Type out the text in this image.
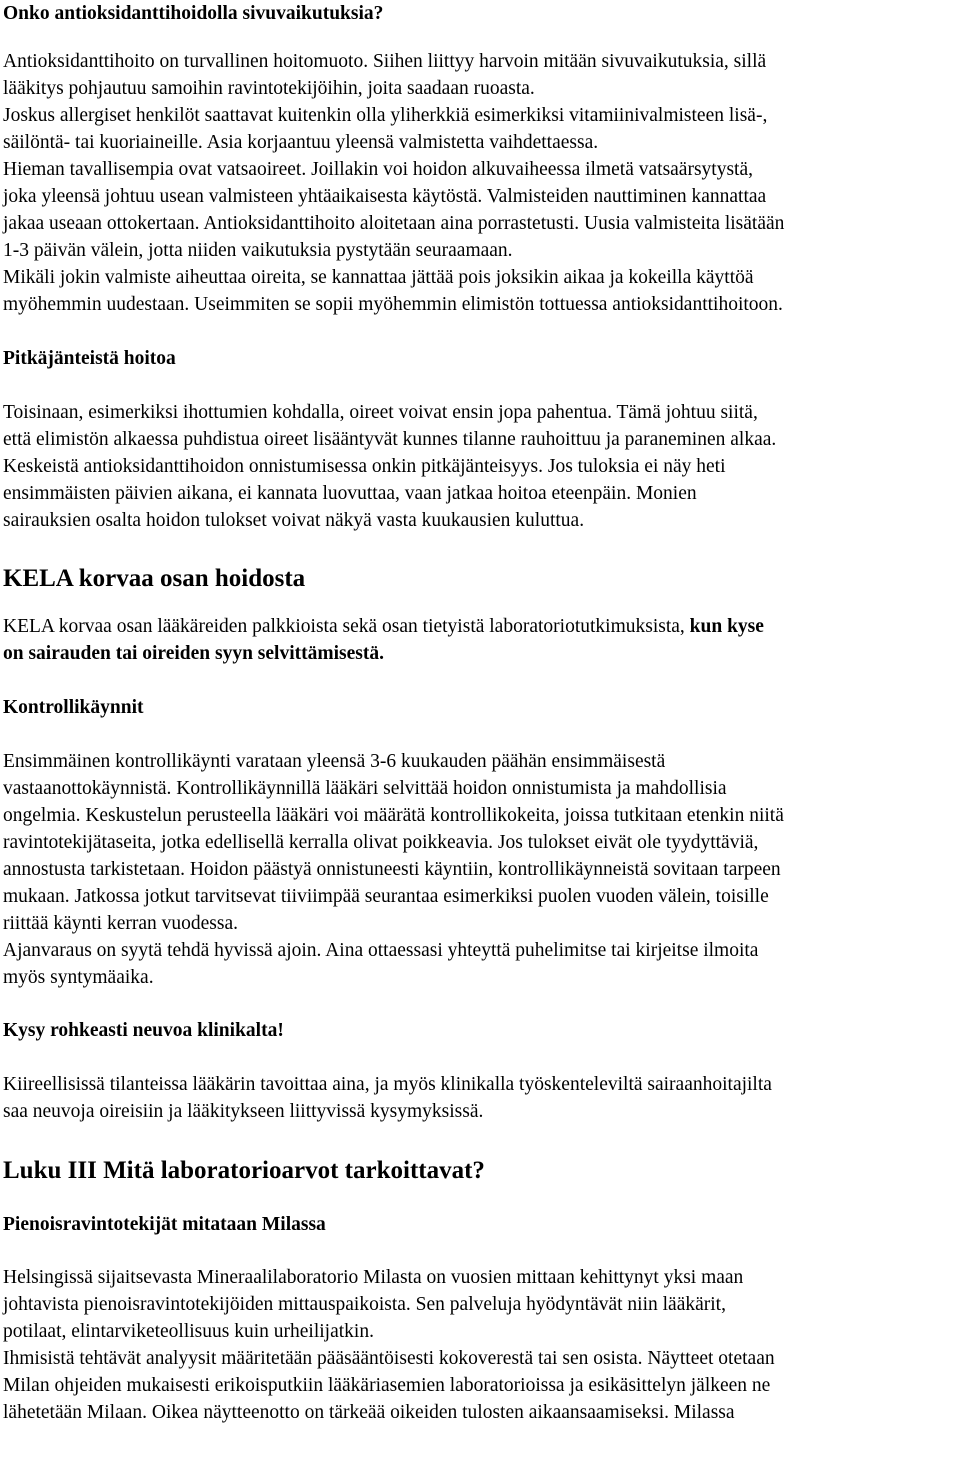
Onko antioksidanttihoidolla sivuvaikutuksia?

Antioksidanttihoito on turvallinen hoitomuoto. Siihen liittyy harvoin mitään sivuvaikutuksia, sillä
lääkitys pohjautuu samoihin ravintotekijöihin, joita saadaan ruoasta.
Joskus allergiset henkilöt saattavat kuitenkin olla yliherkkiä esimerkiksi vitamiinivalmisteen lisä-,
säilöntä- tai kuoriaineille. Asia korjaantuu yleensä valmistetta vaihdettaessa.
Hieman tavallisempia ovat vatsaoireet. Joillakin voi hoidon alkuvaiheessa ilmetä vatsaärsytystä,
joka yleensä johtuu usean valmisteen yhtäaikaisesta käytöstä. Valmisteiden nauttiminen kannattaa
jakaa useaan ottokertaan. Antioksidanttihoito aloitetaan aina porrastetusti. Uusia valmisteita lisätään
1-3 päivän välein, jotta niiden vaikutuksia pystytään seuraamaan.
Mikäli jokin valmiste aiheuttaa oireita, se kannattaa jättää pois joksikin aikaa ja kokeilla käyttöä
myöhemmin uudestaan. Useimmiten se sopii myöhemmin elimistön tottuessa antioksidanttihoitoon.

Pitkäjänteistä hoitoa

Toisinaan, esimerkiksi ihottumien kohdalla, oireet voivat ensin jopa pahentua. Tämä johtuu siitä,
että elimistön alkaessa puhdistua oireet lisääntyvät kunnes tilanne rauhoittuu ja paraneminen alkaa.
Keskeistä antioksidanttihoidon onnistumisessa onkin pitkäjänteisyys. Jos tuloksia ei näy heti
ensimmäisten päivien aikana, ei kannata luovuttaa, vaan jatkaa hoitoa eteenpäin. Monien
sairauksien osalta hoidon tulokset voivat näkyä vasta kuukausien kuluttua.

KELA korvaa osan hoidosta

KELA korvaa osan lääkäreiden palkkioista sekä osan tietyistä laboratoriotutkimuksista, kun kyse
on sairauden tai oireiden syyn selvittämisestä.

Kontrollikäynnit

Ensimmäinen kontrollikäynti varataan yleensä 3-6 kuukauden päähän ensimmäisestä
vastaanottokäynnistä. Kontrollikäynnillä lääkäri selvittää hoidon onnistumista ja mahdollisia
ongelmia. Keskustelun perusteella lääkäri voi määrätä kontrollikokeita, joissa tutkitaan etenkin niitä
ravintotekijätaseita, jotka edellisellä kerralla olivat poikkeavia. Jos tulokset eivät ole tyydyttäviä,
annostusta tarkistetaan. Hoidon päästyä onnistuneesti käyntiin, kontrollikäynneistä sovitaan tarpeen
mukaan. Jatkossa jotkut tarvitsevat tiiviimpää seurantaa esimerkiksi puolen vuoden välein, toisille
riittää käynti kerran vuodessa.
Ajanvaraus on syytä tehdä hyvissä ajoin. Aina ottaessasi yhteyttä puhelimitse tai kirjeitse ilmoita
myös syntymäaika.

Kysy rohkeasti neuvoa klinikalta!

Kiireellisissä tilanteissa lääkärin tavoittaa aina, ja myös klinikalla työskenteleviltä sairaanhoitajilta
saa neuvoja oireisiin ja lääkitykseen liittyvissä kysymyksissä.

Luku III Mitä laboratorioarvot tarkoittavat?

Pienoisravintotekijät mitataan Milassa

Helsingissä sijaitsevasta Mineraalilaboratorio Milasta on vuosien mittaan kehittynyt yksi maan
johtavista pienoisravintotekijöiden mittauspaikoista. Sen palveluja hyödyntävät niin lääkärit,
potilaat, elintarviketeollisuus kuin urheilijatkin.
Ihmisistä tehtävät analyysit määritetään pääsääntöisesti kokoverestä tai sen osista. Näytteet otetaan
Milan ohjeiden mukaisesti erikoisputkiin lääkäriasemien laboratorioissa ja esikäsittelyn jälkeen ne
lähetetään Milaan. Oikea näytteenotto on tärkeää oikeiden tulosten aikaansaamiseksi. Milassa
